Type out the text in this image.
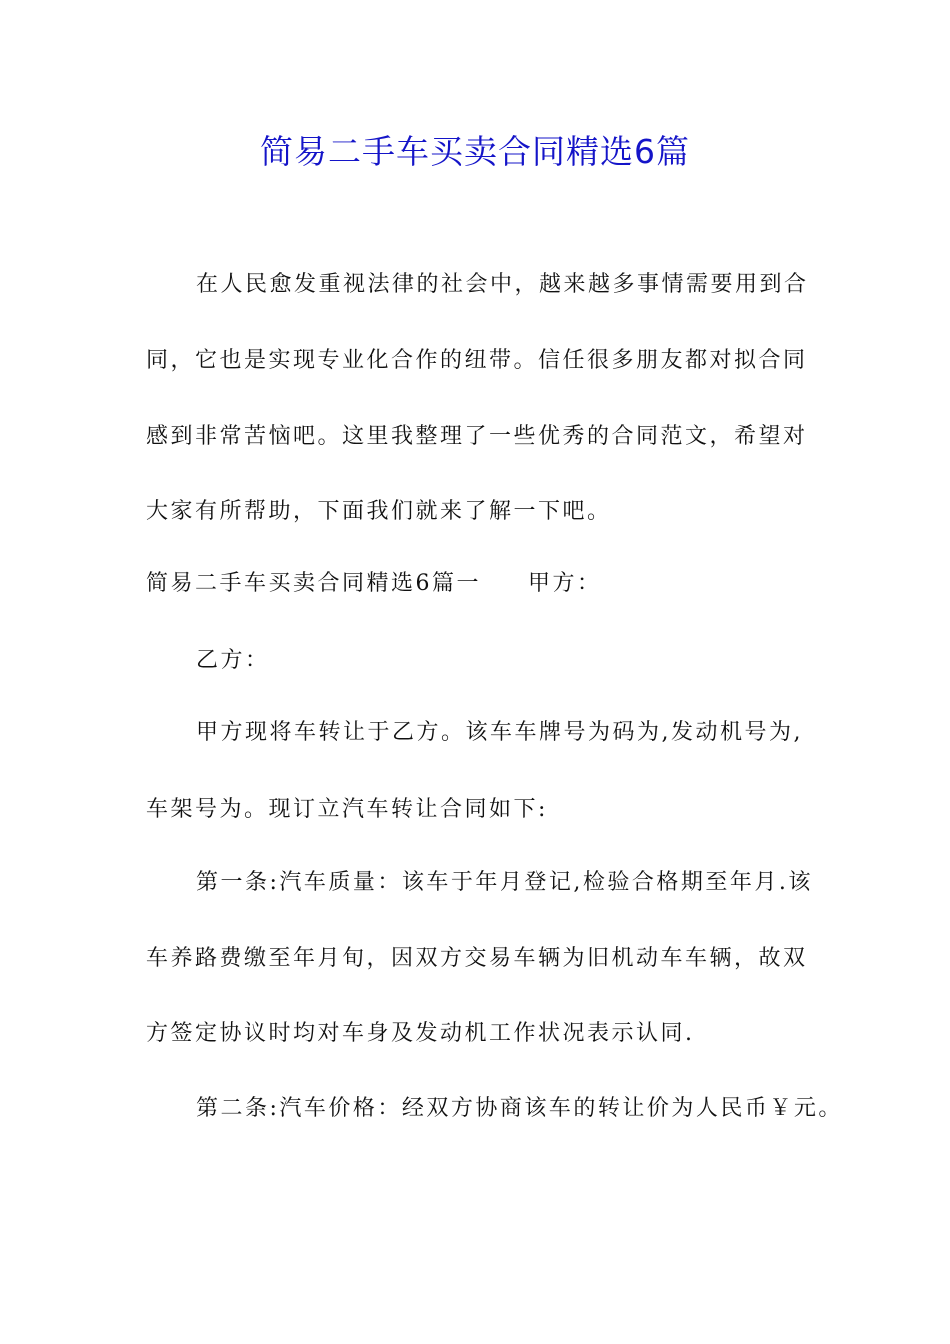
简易二手车买卖合同精选6篇
在人民愈发重视法律的社会中，越来越多事情需要用到合
同，它也是实现专业化合作的纽带。信任很多朋友都对拟合同
感到非常苦恼吧。这里我整理了一些优秀的合同范文，希望对
大家有所帮助，下面我们就来了解一下吧。
简易二手车买卖合同精选6篇一 甲方：
乙方：
甲方现将车转让于乙方。该车车牌号为码为,发动机号为,
车架号为。现订立汽车转让合同如下:
第一条:汽车质量：该车于年月登记,检验合格期至年月.该
车养路费缴至年月旬，因双方交易车辆为旧机动车车辆，故双
方签定协议时均对车身及发动机工作状况表示认同.
第二条:汽车价格：经双方协商该车的转让价为人民币￥元。
